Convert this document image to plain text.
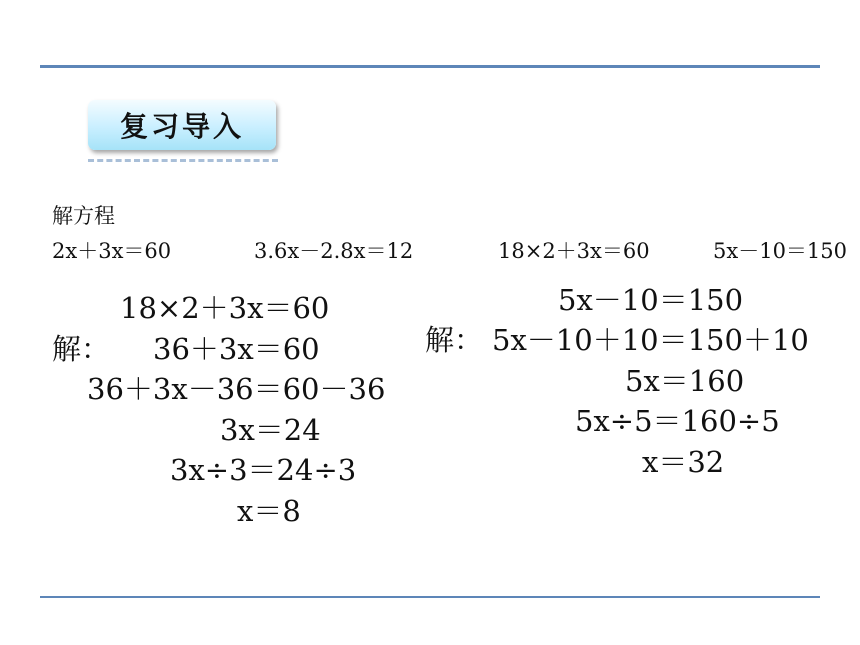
复习导入
解方程
2x＋3x＝60	3.6x－2.8x＝12	18×2＋3x＝60	5x－10＝150
18×2＋3x＝60
解： 36＋3x＝60
36＋3x－36＝60－36
3x＝24
3x÷3＝24÷3
x＝8
5x－10＝150
解： 5x－10＋10＝150＋10
5x＝160
5x÷5＝160÷5
x＝32
